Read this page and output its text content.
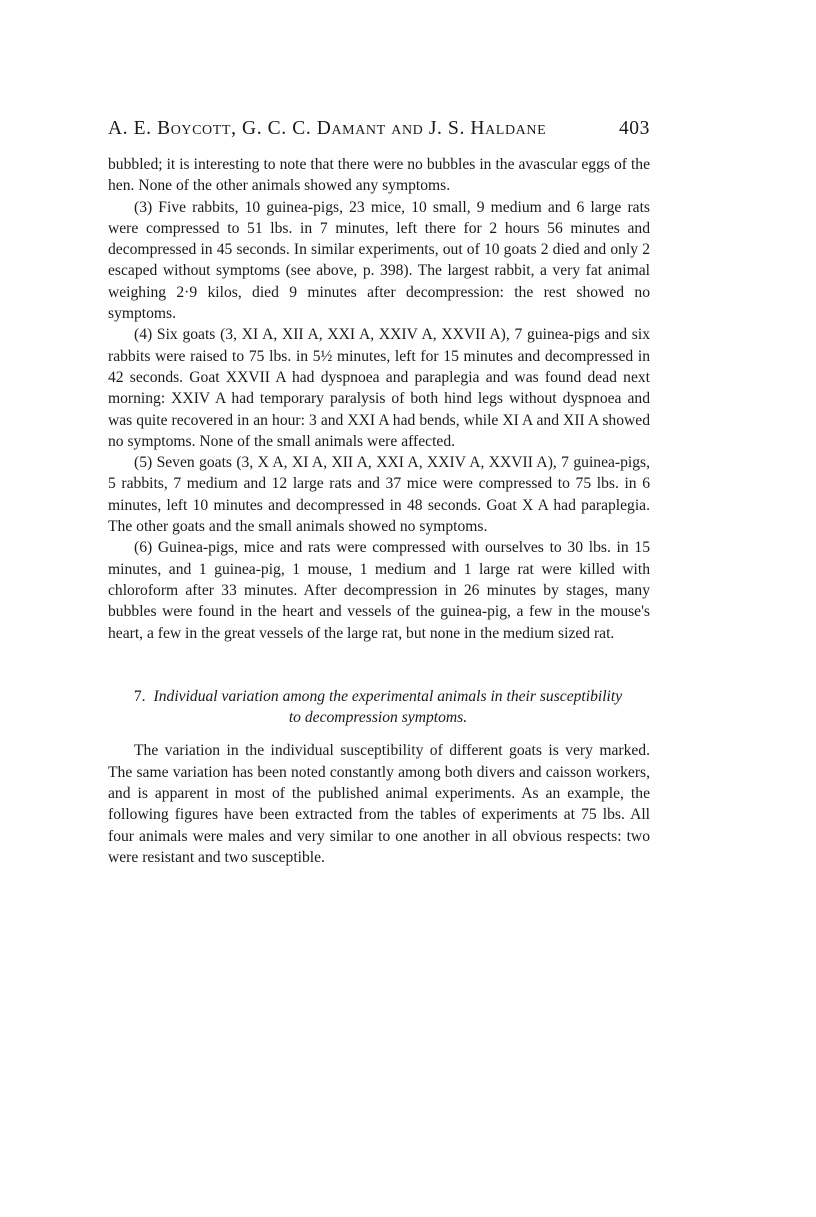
A. E. Boycott, G. C. C. Damant and J. S. Haldane	403

bubbled; it is interesting to note that there were no bubbles in the avascular eggs of the hen. None of the other animals showed any symptoms.

(3) Five rabbits, 10 guinea-pigs, 23 mice, 10 small, 9 medium and 6 large rats were compressed to 51 lbs. in 7 minutes, left there for 2 hours 56 minutes and decompressed in 45 seconds. In similar experiments, out of 10 goats 2 died and only 2 escaped without symptoms (see above, p. 398). The largest rabbit, a very fat animal weighing 2·9 kilos, died 9 minutes after decompression: the rest showed no symptoms.

(4) Six goats (3, XI A, XII A, XXI A, XXIV A, XXVII A), 7 guinea-pigs and six rabbits were raised to 75 lbs. in 5½ minutes, left for 15 minutes and decompressed in 42 seconds. Goat XXVII A had dyspnoea and paraplegia and was found dead next morning: XXIV A had temporary paralysis of both hind legs without dyspnoea and was quite recovered in an hour: 3 and XXI A had bends, while XI A and XII A showed no symptoms. None of the small animals were affected.

(5) Seven goats (3, X A, XI A, XII A, XXI A, XXIV A, XXVII A), 7 guinea-pigs, 5 rabbits, 7 medium and 12 large rats and 37 mice were compressed to 75 lbs. in 6 minutes, left 10 minutes and decompressed in 48 seconds. Goat X A had paraplegia. The other goats and the small animals showed no symptoms.

(6) Guinea-pigs, mice and rats were compressed with ourselves to 30 lbs. in 15 minutes, and 1 guinea-pig, 1 mouse, 1 medium and 1 large rat were killed with chloroform after 33 minutes. After decompression in 26 minutes by stages, many bubbles were found in the heart and vessels of the guinea-pig, a few in the mouse's heart, a few in the great vessels of the large rat, but none in the medium sized rat.

7. Individual variation among the experimental animals in their susceptibility to decompression symptoms.

The variation in the individual susceptibility of different goats is very marked. The same variation has been noted constantly among both divers and caisson workers, and is apparent in most of the published animal experiments. As an example, the following figures have been extracted from the tables of experiments at 75 lbs. All four animals were males and very similar to one another in all obvious respects: two were resistant and two susceptible.
